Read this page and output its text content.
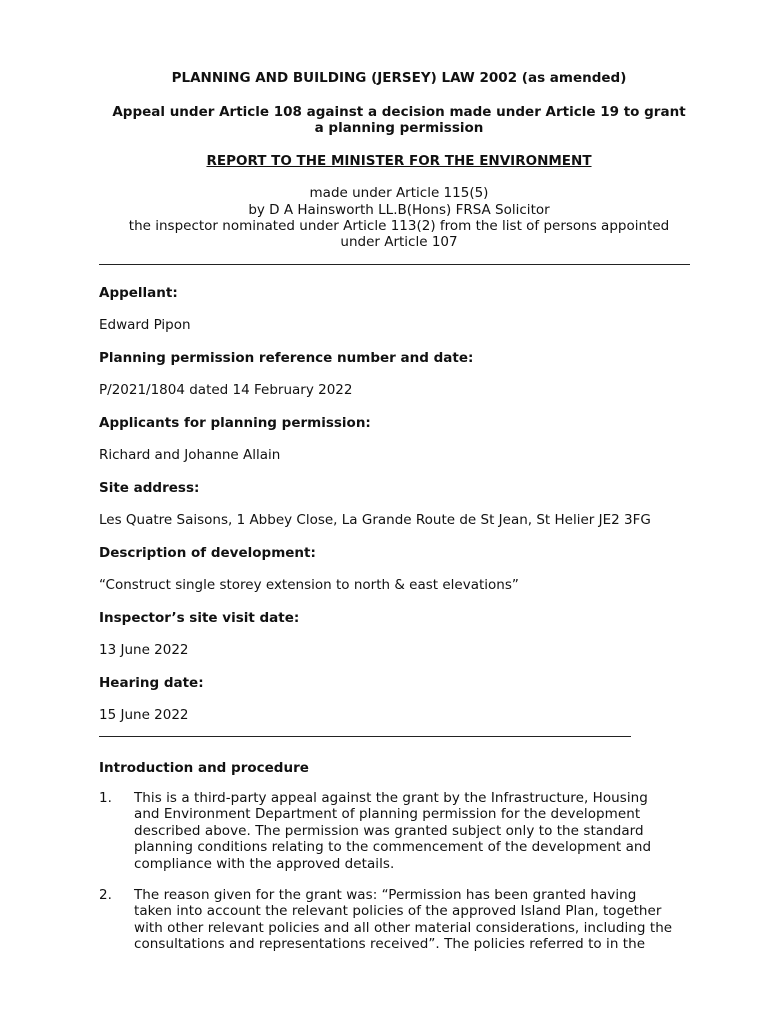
PLANNING AND BUILDING (JERSEY) LAW 2002 (as amended)
Appeal under Article 108 against a decision made under Article 19 to grant
a planning permission
REPORT TO THE MINISTER FOR THE ENVIRONMENT
made under Article 115(5)
by D A Hainsworth LL.B(Hons) FRSA Solicitor
the inspector nominated under Article 113(2) from the list of persons appointed
under Article 107
Appellant:
Edward Pipon
Planning permission reference number and date:
P/2021/1804 dated 14 February 2022
Applicants for planning permission:
Richard and Johanne Allain
Site address:
Les Quatre Saisons, 1 Abbey Close, La Grande Route de St Jean, St Helier JE2 3FG
Description of development:
“Construct single storey extension to north & east elevations”
Inspector’s site visit date:
13 June 2022
Hearing date:
15 June 2022
Introduction and procedure
1.	This is a third-party appeal against the grant by the Infrastructure, Housing
and Environment Department of planning permission for the development
described above. The permission was granted subject only to the standard
planning conditions relating to the commencement of the development and
compliance with the approved details.
2.	The reason given for the grant was: “Permission has been granted having
taken into account the relevant policies of the approved Island Plan, together
with other relevant policies and all other material considerations, including the
consultations and representations received”. The policies referred to in the
